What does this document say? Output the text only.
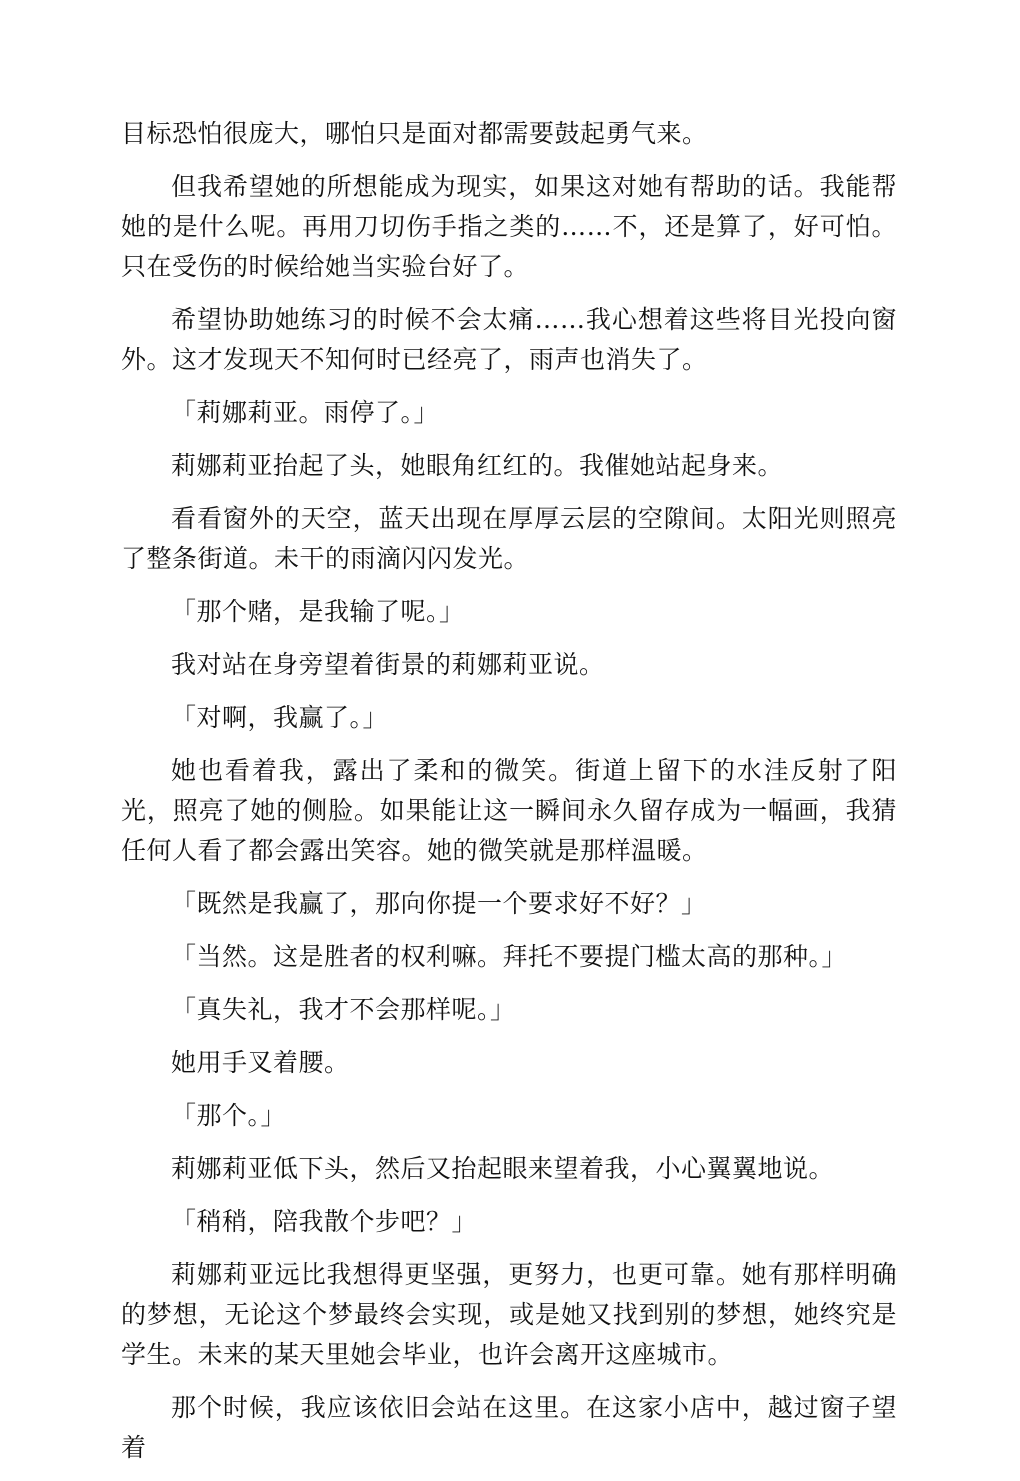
目标恐怕很庞大，哪怕只是面对都需要鼓起勇气来。

但我希望她的所想能成为现实，如果这对她有帮助的话。我能帮她的是什么呢。再用刀切伤手指之类的……不，还是算了，好可怕。只在受伤的时候给她当实验台好了。

希望协助她练习的时候不会太痛……我心想着这些将目光投向窗外。这才发现天不知何时已经亮了，雨声也消失了。

「莉娜莉亚。雨停了。」

莉娜莉亚抬起了头，她眼角红红的。我催她站起身来。

看看窗外的天空，蓝天出现在厚厚云层的空隙间。太阳光则照亮了整条街道。未干的雨滴闪闪发光。

「那个赌，是我输了呢。」

我对站在身旁望着街景的莉娜莉亚说。

「对啊，我赢了。」

她也看着我，露出了柔和的微笑。街道上留下的水洼反射了阳光，照亮了她的侧脸。如果能让这一瞬间永久留存成为一幅画，我猜任何人看了都会露出笑容。她的微笑就是那样温暖。

「既然是我赢了，那向你提一个要求好不好？」

「当然。这是胜者的权利嘛。拜托不要提门槛太高的那种。」

「真失礼，我才不会那样呢。」

她用手叉着腰。

「那个。」

莉娜莉亚低下头，然后又抬起眼来望着我，小心翼翼地说。

「稍稍，陪我散个步吧？」

莉娜莉亚远比我想得更坚强，更努力，也更可靠。她有那样明确的梦想，无论这个梦最终会实现，或是她又找到别的梦想，她终究是学生。未来的某天里她会毕业，也许会离开这座城市。

那个时候，我应该依旧会站在这里。在这家小店中，越过窗子望着
